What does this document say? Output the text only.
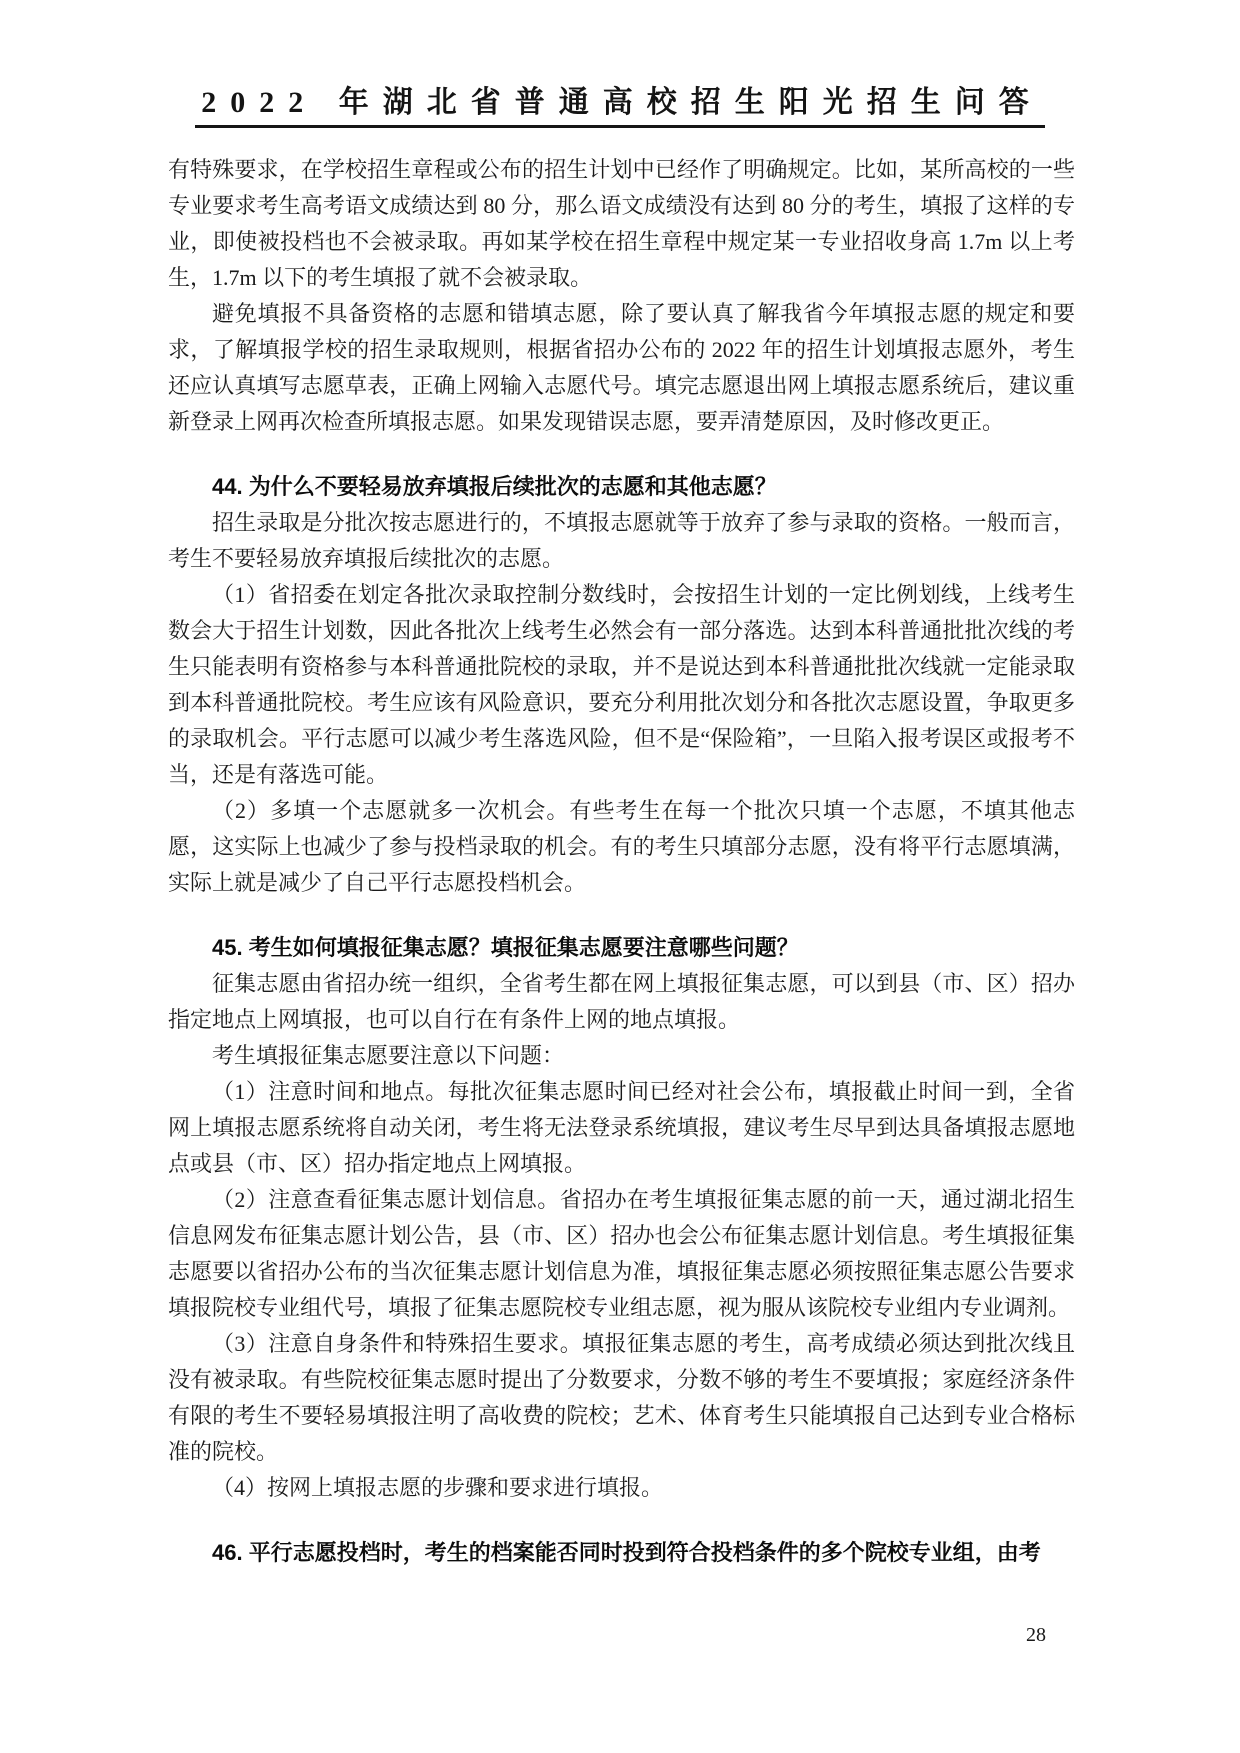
2022 年湖北省普通高校招生阳光招生问答

有特殊要求，在学校招生章程或公布的招生计划中已经作了明确规定。比如，某所高校的一些专业要求考生高考语文成绩达到 80 分，那么语文成绩没有达到 80 分的考生，填报了这样的专业，即使被投档也不会被录取。再如某学校在招生章程中规定某一专业招收身高 1.7m 以上考生，1.7m 以下的考生填报了就不会被录取。

避免填报不具备资格的志愿和错填志愿，除了要认真了解我省今年填报志愿的规定和要求，了解填报学校的招生录取规则，根据省招办公布的 2022 年的招生计划填报志愿外，考生还应认真填写志愿草表，正确上网输入志愿代号。填完志愿退出网上填报志愿系统后，建议重新登录上网再次检查所填报志愿。如果发现错误志愿，要弄清楚原因，及时修改更正。

44. 为什么不要轻易放弃填报后续批次的志愿和其他志愿？

招生录取是分批次按志愿进行的，不填报志愿就等于放弃了参与录取的资格。一般而言，考生不要轻易放弃填报后续批次的志愿。

（1）省招委在划定各批次录取控制分数线时，会按招生计划的一定比例划线，上线考生数会大于招生计划数，因此各批次上线考生必然会有一部分落选。达到本科普通批批次线的考生只能表明有资格参与本科普通批院校的录取，并不是说达到本科普通批批次线就一定能录取到本科普通批院校。考生应该有风险意识，要充分利用批次划分和各批次志愿设置，争取更多的录取机会。平行志愿可以减少考生落选风险，但不是“保险箱”，一旦陷入报考误区或报考不当，还是有落选可能。

（2）多填一个志愿就多一次机会。有些考生在每一个批次只填一个志愿，不填其他志愿，这实际上也减少了参与投档录取的机会。有的考生只填部分志愿，没有将平行志愿填满，实际上就是减少了自己平行志愿投档机会。

45. 考生如何填报征集志愿？填报征集志愿要注意哪些问题？

征集志愿由省招办统一组织，全省考生都在网上填报征集志愿，可以到县（市、区）招办指定地点上网填报，也可以自行在有条件上网的地点填报。

考生填报征集志愿要注意以下问题：

（1）注意时间和地点。每批次征集志愿时间已经对社会公布，填报截止时间一到，全省网上填报志愿系统将自动关闭，考生将无法登录系统填报，建议考生尽早到达具备填报志愿地点或县（市、区）招办指定地点上网填报。

（2）注意查看征集志愿计划信息。省招办在考生填报征集志愿的前一天，通过湖北招生信息网发布征集志愿计划公告，县（市、区）招办也会公布征集志愿计划信息。考生填报征集志愿要以省招办公布的当次征集志愿计划信息为准，填报征集志愿必须按照征集志愿公告要求填报院校专业组代号，填报了征集志愿院校专业组志愿，视为服从该院校专业组内专业调剂。

（3）注意自身条件和特殊招生要求。填报征集志愿的考生，高考成绩必须达到批次线且没有被录取。有些院校征集志愿时提出了分数要求，分数不够的考生不要填报；家庭经济条件有限的考生不要轻易填报注明了高收费的院校；艺术、体育考生只能填报自己达到专业合格标准的院校。

（4）按网上填报志愿的步骤和要求进行填报。

46. 平行志愿投档时，考生的档案能否同时投到符合投档条件的多个院校专业组，由考

28
